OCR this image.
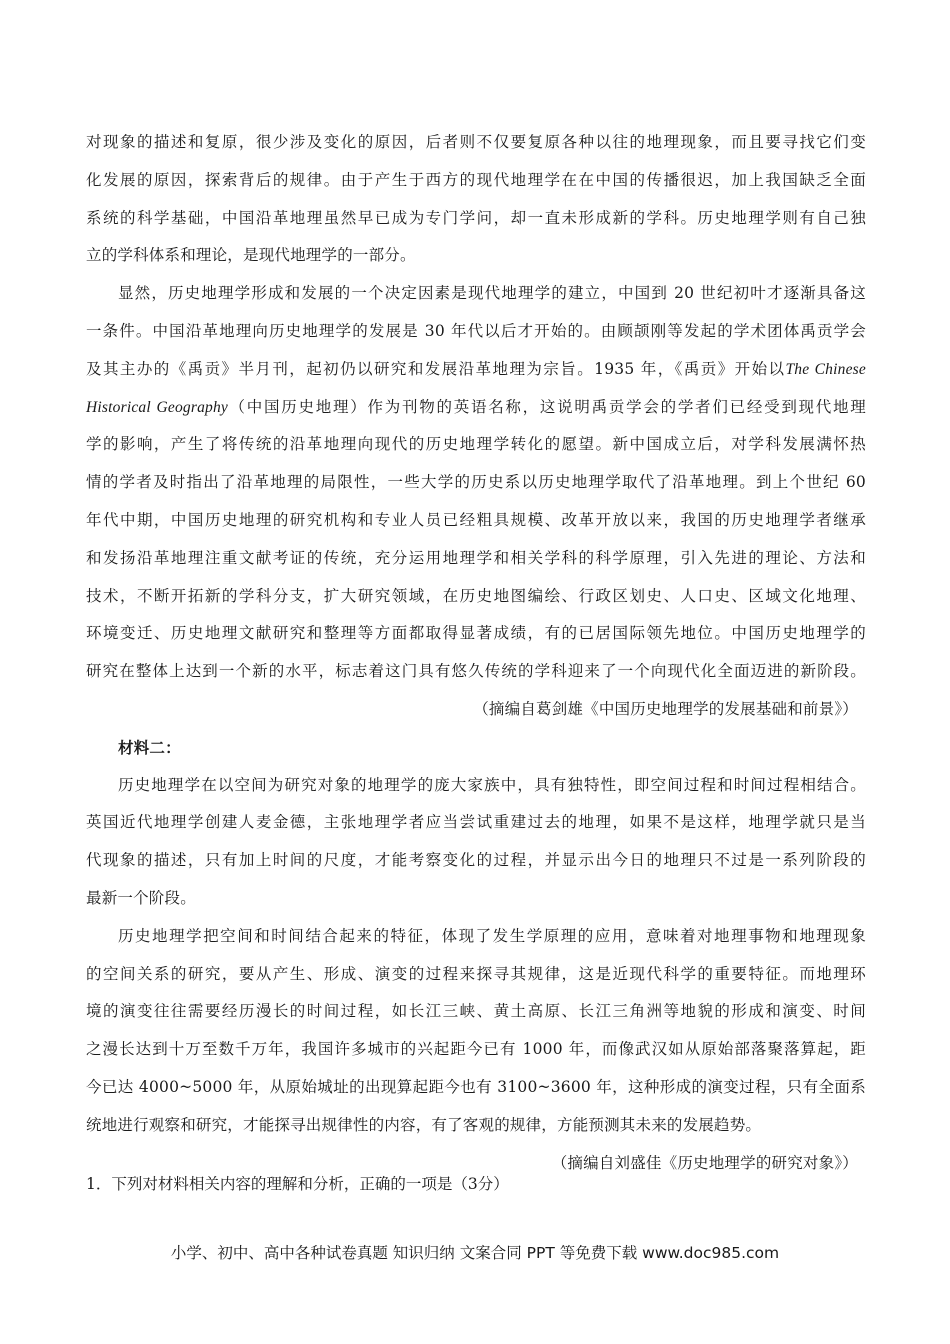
对现象的描述和复原，很少涉及变化的原因，后者则不仅要复原各种以往的地理现象，而且要寻找它们变
化发展的原因，探索背后的规律。由于产生于西方的现代地理学在在中国的传播很迟，加上我国缺乏全面
系统的科学基础，中国沿革地理虽然早已成为专门学问，却一直未形成新的学科。历史地理学则有自己独
立的学科体系和理论，是现代地理学的一部分。
显然，历史地理学形成和发展的一个决定因素是现代地理学的建立，中国到 20 世纪初叶才逐渐具备这
一条件。中国沿革地理向历史地理学的发展是 30 年代以后才开始的。由顾颉刚等发起的学术团体禹贡学会
及其主办的《禹贡》半月刊，起初仍以研究和发展沿革地理为宗旨。1935 年，《禹贡》开始以The Chinese
Historical Geography（中国历史地理）作为刊物的英语名称，这说明禹贡学会的学者们已经受到现代地理
学的影响，产生了将传统的沿革地理向现代的历史地理学转化的愿望。新中国成立后，对学科发展满怀热
情的学者及时指出了沿革地理的局限性，一些大学的历史系以历史地理学取代了沿革地理。到上个世纪 60
年代中期，中国历史地理的研究机构和专业人员已经粗具规模、改革开放以来，我国的历史地理学者继承
和发扬沿革地理注重文献考证的传统，充分运用地理学和相关学科的科学原理，引入先进的理论、方法和
技术，不断开拓新的学科分支，扩大研究领域，在历史地图编绘、行政区划史、人口史、区域文化地理、
环境变迁、历史地理文献研究和整理等方面都取得显著成绩，有的已居国际领先地位。中国历史地理学的
研究在整体上达到一个新的水平，标志着这门具有悠久传统的学科迎来了一个向现代化全面迈进的新阶段。
（摘编自葛剑雄《中国历史地理学的发展基础和前景》）
材料二：
历史地理学在以空间为研究对象的地理学的庞大家族中，具有独特性，即空间过程和时间过程相结合。
英国近代地理学创建人麦金德，主张地理学者应当尝试重建过去的地理，如果不是这样，地理学就只是当
代现象的描述，只有加上时间的尺度，才能考察变化的过程，并显示出今日的地理只不过是一系列阶段的
最新一个阶段。
历史地理学把空间和时间结合起来的特征，体现了发生学原理的应用，意味着对地理事物和地理现象
的空间关系的研究，要从产生、形成、演变的过程来探寻其规律，这是近现代科学的重要特征。而地理环
境的演变往往需要经历漫长的时间过程，如长江三峡、黄土高原、长江三角洲等地貌的形成和演变、时间
之漫长达到十万至数千万年，我国许多城市的兴起距今已有 1000 年，而像武汉如从原始部落聚落算起，距
今已达 4000~5000 年，从原始城址的出现算起距今也有 3100~3600 年，这种形成的演变过程，只有全面系
统地进行观察和研究，才能探寻出规律性的内容，有了客观的规律，方能预测其未来的发展趋势。
（摘编自刘盛佳《历史地理学的研究对象》）
1．下列对材料相关内容的理解和分析，正确的一项是（3分）
小学、初中、高中各种试卷真题 知识归纳 文案合同 PPT 等免费下载 www.doc985.com
